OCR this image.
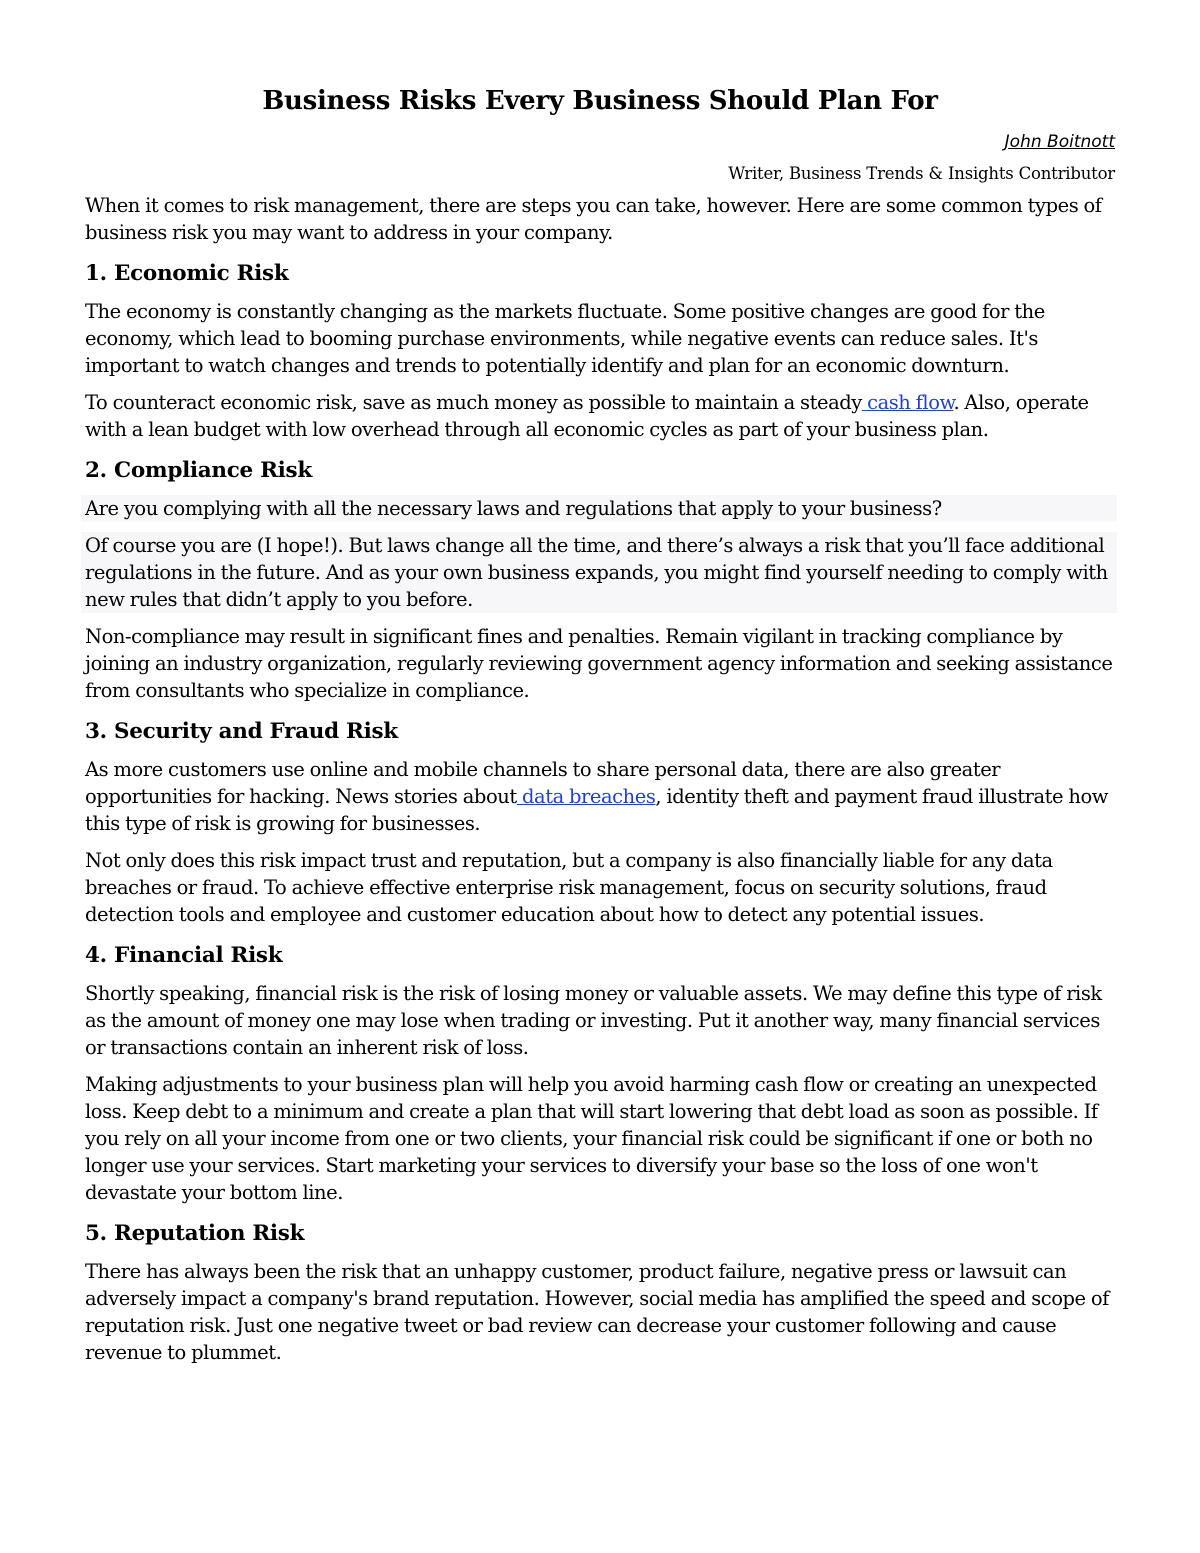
Business Risks Every Business Should Plan For
John Boitnott
Writer, Business Trends & Insights Contributor

When it comes to risk management, there are steps you can take, however. Here are some common types of business risk you may want to address in your company.

1. Economic Risk

The economy is constantly changing as the markets fluctuate. Some positive changes are good for the economy, which lead to booming purchase environments, while negative events can reduce sales. It's important to watch changes and trends to potentially identify and plan for an economic downturn.

To counteract economic risk, save as much money as possible to maintain a steady cash flow. Also, operate with a lean budget with low overhead through all economic cycles as part of your business plan.

2. Compliance Risk

Are you complying with all the necessary laws and regulations that apply to your business?

Of course you are (I hope!). But laws change all the time, and there’s always a risk that you’ll face additional regulations in the future. And as your own business expands, you might find yourself needing to comply with new rules that didn’t apply to you before.

Non-compliance may result in significant fines and penalties. Remain vigilant in tracking compliance by joining an industry organization, regularly reviewing government agency information and seeking assistance from consultants who specialize in compliance.

3. Security and Fraud Risk

As more customers use online and mobile channels to share personal data, there are also greater opportunities for hacking. News stories about data breaches, identity theft and payment fraud illustrate how this type of risk is growing for businesses.

Not only does this risk impact trust and reputation, but a company is also financially liable for any data breaches or fraud. To achieve effective enterprise risk management, focus on security solutions, fraud detection tools and employee and customer education about how to detect any potential issues.

4. Financial Risk

Shortly speaking, financial risk is the risk of losing money or valuable assets. We may define this type of risk as the amount of money one may lose when trading or investing. Put it another way, many financial services or transactions contain an inherent risk of loss.

Making adjustments to your business plan will help you avoid harming cash flow or creating an unexpected loss. Keep debt to a minimum and create a plan that will start lowering that debt load as soon as possible. If you rely on all your income from one or two clients, your financial risk could be significant if one or both no longer use your services. Start marketing your services to diversify your base so the loss of one won't devastate your bottom line.

5. Reputation Risk

There has always been the risk that an unhappy customer, product failure, negative press or lawsuit can adversely impact a company's brand reputation. However, social media has amplified the speed and scope of reputation risk. Just one negative tweet or bad review can decrease your customer following and cause revenue to plummet.
